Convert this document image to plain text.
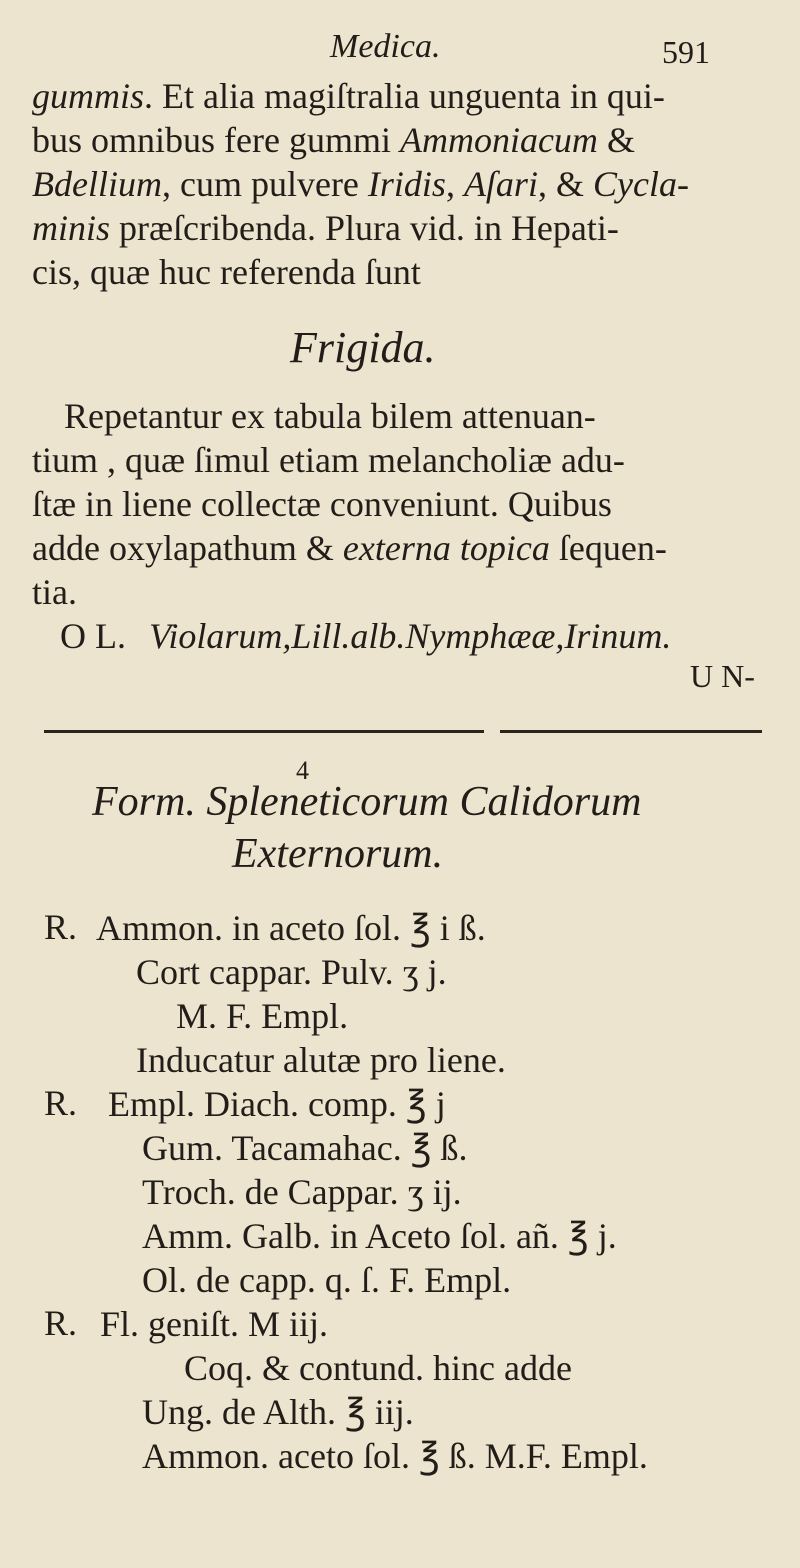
Medica.	591
gummis. Et alia magiſtralia unguenta in qui-
bus omnibus fere gummi Ammoniacum &
Bdellium, cum pulvere Iridis, Aſari, & Cycla-
minis præſcribenda. Plura vid. in Hepati-
cis, quæ huc referenda ſunt
Frigida.
Repetantur ex tabula bilem attenuan-
tium , quæ ſimul etiam melancholiæ adu-
ſtæ in liene collectæ conveniunt. Quibus
adde oxylapathum & externa topica ſequen-
tia.
O L. Violarum,Lill.alb.Nymphææ,Irinum.
U N-
4
Form. Spleneticorum Calidorum
Externorum.
R. Ammon. in aceto ſol. ℥ i ß.
Cort cappar. Pulv. ʒ j.
M. F. Empl.
Inducatur alutæ pro liene.
R. Empl. Diach. comp. ℥ j
Gum. Tacamahac. ℥ ß.
Troch. de Cappar. ʒ ij.
Amm. Galb. in Aceto ſol. añ. ℥ j.
Ol. de capp. q. ſ. F. Empl.
R. Fl. geniſt. M iij.
Coq. & contund. hinc adde
Ung. de Alth. ℥ iij.
Ammon. aceto ſol. ℥ ß. M.F. Empl.
